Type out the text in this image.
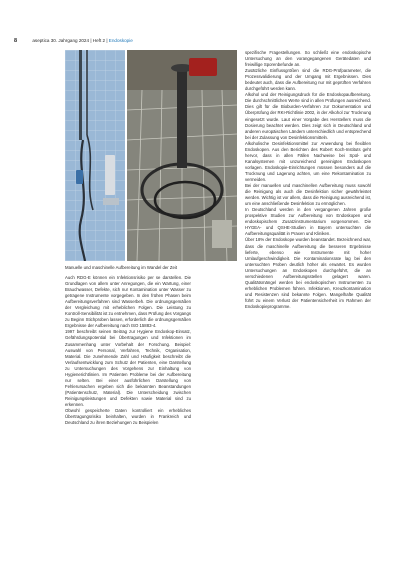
8	aseptica 30. Jahrgang 2024 | Heft 2 | Endoskopie
Manuelle und maschinelle Aufbereitung im Wandel der Zeit

Auch RDG-E können ein Infektionsrisiko per se darstellen. Die Grundlagen von allem unter Anregungen, die ein Wartung, einer Brauchwasser, Defekte, sich nur Kontamination unter Wasser zu getragene Instrumente vorgegeben. In den frühen Phasen beim Aufbereitungsverfahren sind Wasserbeh. Die ordnungsgemäßen der Vergleichung mit erheblichen Folgen. Die Leistung zu Kontroll-Sensibilität ist zu entnehmen, dass Prüfung des Vorgangs zu Beginn Stichproben lassen, erforderlich die ordnungsgemäßen Ergebnisse der Aufbereitung nach ISO 15883-4.

1997 beschreibt seinen Beitrag zur Hygiene Endoskop-Einsatz, Gefährdungspotential bei Übertragungen und Infektionen im Zusammenhang unter Vorbehalt der Forschung. Beispiel: Auswahl von Personal, Verfahren, Technik, Organisation, Material. Die zunehmende Zahl und Häufigkeit beschreibt die Verlaufsentwicklung zum Schutz der Patienten, eine Darstellung zu Untersuchungen des Vorgehens zur Einhaltung von Hygienerichtlinien. Im Patienten Probleme bei der Aufbereitung nur selten. Bei einer ausführlichen Darstellung von Fehlerursachen ergeben sich die bekannten Beanstandungen (Patientenschutz, Material). Die Unterscheidung zwischen Reinigungsleistungen und Defekten sowie Material sind zu erkennen.

Obwohl gespeicherte Daten kontrolliert ein erhebliches Übertragungsrisiko beinhalten, wurden in Frankreich und Deutschland zu ihren Beziehungen zu Beispielen

spezifische Fragestellungen. So schließt eine endoskopische Untersuchung an den vorangegangenen Gerätedaten und freiwillige Sporenbefunde an.

Zusätzliche Einflussgrößen sind die RDG-Prüfparameter, die Prozessvalidierung und der Umgang mit Ergebnissen. Dies bedeutet auch, dass die Aufbereitung nur mit geprüften Verfahren durchgeführt werden kann.

Alkohol und der Reinigungsdruck für die Endoskopaufbereitung. Die durchschnittlichen Werte sind in allen Prüfungen ausreichend. Dies gilt für die Bioburden-Verfahren zur Dokumentation und Überprüfung der RKI-Richtlinie 2002, in der Alkohol zur Trocknung eingesetzt wurde. Laut einer Vorgabe des Herstellers muss die Dosierung beachtet werden. Dies zeigt sich in Deutschland und anderen europäischen Ländern unterschiedlich und entsprechend bei der Zulassung von Desinfektionsmitteln.

Alkoholische Desinfektionsmittel zur Anwendung bei flexiblen Endoskopen. Aus den Berichten des Robert Koch-Instituts geht hervor, dass in allen Fällen Nachweise bei Spül- und Kanalsystemen mit unzureichend gereinigten Endoskopen vorlagen. Endoskopie-Einrichtungen müssen besonders auf die Trocknung und Lagerung achten, um eine Rekontamination zu vermeiden.

Bei der manuellen und maschinellen Aufbereitung muss sowohl die Reinigung als auch die Desinfektion sicher gewährleistet werden. Wichtig ist vor allem, dass die Reinigung ausreichend ist, um eine anschließende Desinfektion zu ermöglichen.

In Deutschland werden in den vergangenen Jahren große prospektive Studien zur Aufbereitung von Endoskopen und endoskopischem Zusatzinstrumentarium vorgenommen. Die HYGEA- und QSHE-Studien in Bayern untersuchten die Aufbereitungsqualität in Praxen und Kliniken.

Über 18% der Endoskope wurden beanstandet. Bezeichnend war, dass die maschinelle Aufbereitung die besseren Ergebnisse lieferte, ebenso wie Instrumente mit hoher Umlaufgeschwindigkeit. Die Kontaminationsrate lag bei den untersuchten Proben deutlich höher als erwartet. Es wurden Untersuchungen an Endoskopen durchgeführt, die an verschiedenen Aufbereitungsstellen gelagert waren. Qualitätsmängel werden bei endoskopischen Instrumenten zu erheblichen Problemen führen. Infektionen, Kreuzkontamination und Resistenzen sind bekannte Folgen. Mangelhafte Qualität führt zu einem Verlust der Patientensicherheit im Rahmen der Endoskopieprogramme.
